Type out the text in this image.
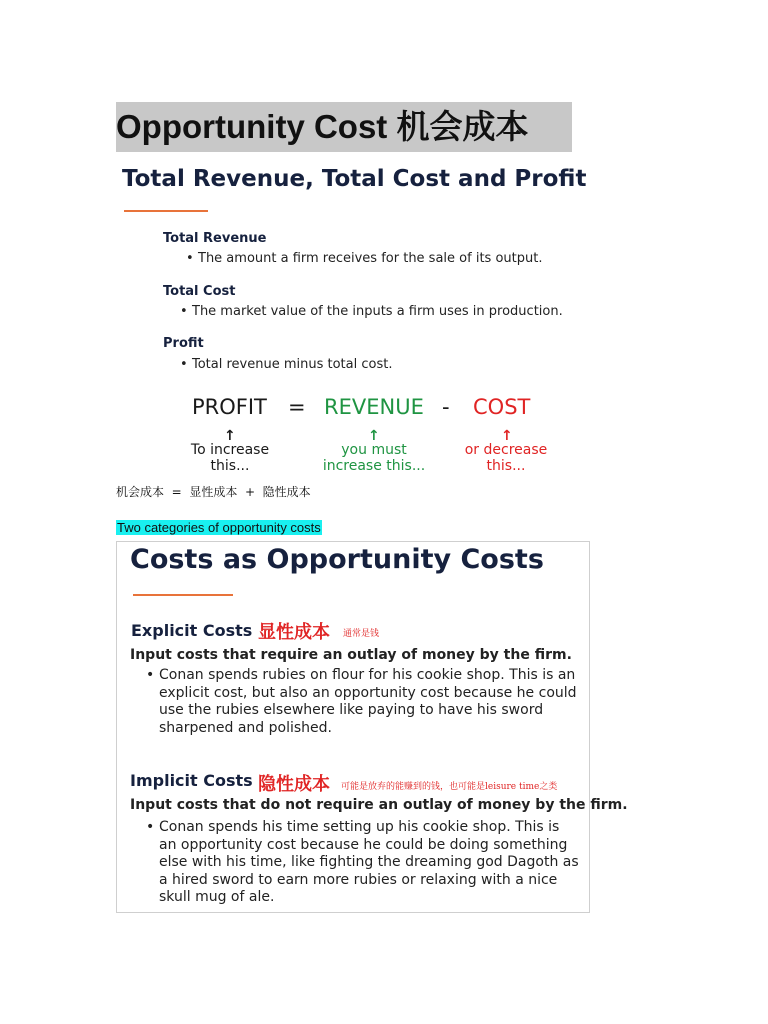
Opportunity Cost 机会成本
Total Revenue, Total Cost and Profit
Total Revenue
• The amount a firm receives for the sale of its output.
Total Cost
• The market value of the inputs a firm uses in production.
Profit
• Total revenue minus total cost.
PROFIT = REVENUE - COST
↑	↑	↑
To increase
this...
you must
increase this...
or decrease
this...
机会成本  =  显性成本  +  隐性成本
Two categories of opportunity costs
Costs as Opportunity Costs
Explicit Costs 显性成本 通常是钱
Input costs that require an outlay of money by the firm.
• Conan spends rubies on flour for his cookie shop. This is an explicit cost, but also an opportunity cost because he could use the rubies elsewhere like paying to have his sword sharpened and polished.
Implicit Costs 隐性成本 可能是放弃的能赚到的钱，也可能是leisure time之类
Input costs that do not require an outlay of money by the firm.
• Conan spends his time setting up his cookie shop. This is an opportunity cost because he could be doing something else with his time, like fighting the dreaming god Dagoth as a hired sword to earn more rubies or relaxing with a nice skull mug of ale.
